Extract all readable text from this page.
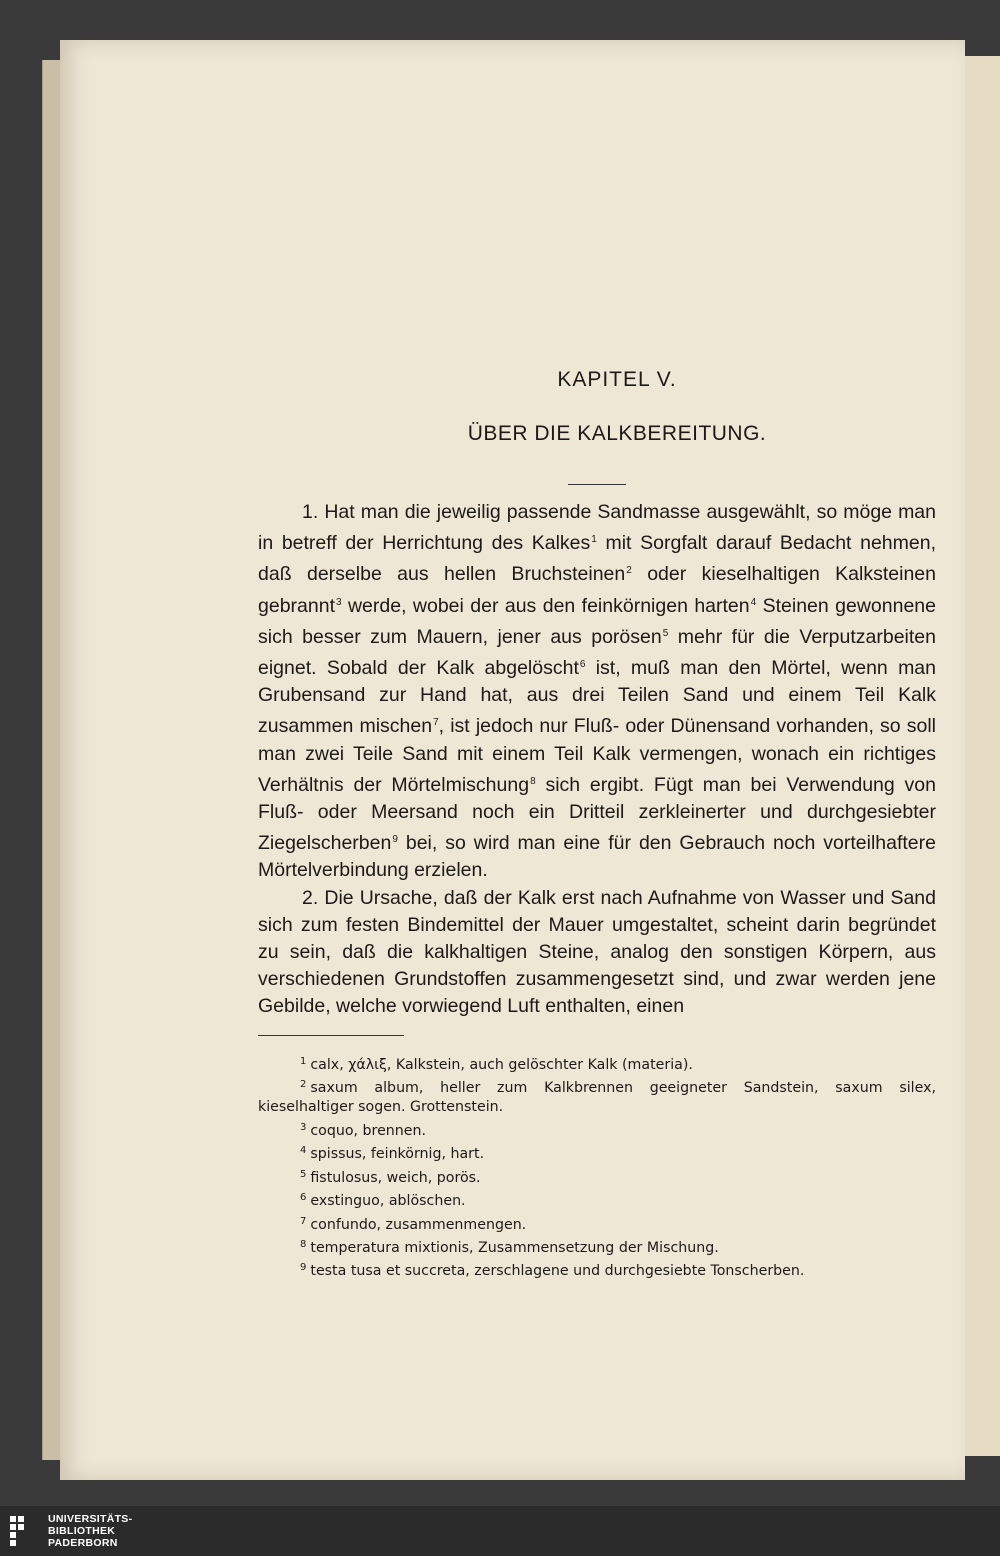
KAPITEL V.
ÜBER DIE KALKBEREITUNG.

1. Hat man die jeweilig passende Sandmasse ausgewählt, so möge man in betreff der Herrichtung des Kalkes$^1$ mit Sorgfalt darauf Bedacht nehmen, daß derselbe aus hellen Bruchsteinen$^2$ oder kieselhaltigen Kalksteinen gebrannt$^3$ werde, wobei der aus den feinkörnigen harten$^4$ Steinen gewonnene sich besser zum Mauern, jener aus porösen$^5$ mehr für die Verputzarbeiten eignet. Sobald der Kalk abgelöscht$^6$ ist, muß man den Mörtel, wenn man Grubensand zur Hand hat, aus drei Teilen Sand und einem Teil Kalk zusammen mischen$^7$, ist jedoch nur Fluß- oder Dünensand vorhanden, so soll man zwei Teile Sand mit einem Teil Kalk vermengen, wonach ein richtiges Verhältnis der Mörtelmischung$^8$ sich ergibt. Fügt man bei Verwendung von Fluß- oder Meersand noch ein Dritteil zerkleinerter und durchgesiebter Ziegelscherben$^9$ bei, so wird man eine für den Gebrauch noch vorteilhaftere Mörtelverbindung erzielen.

2. Die Ursache, daß der Kalk erst nach Aufnahme von Wasser und Sand sich zum festen Bindemittel der Mauer umgestaltet, scheint darin begründet zu sein, daß die kalkhaltigen Steine, analog den sonstigen Körpern, aus verschiedenen Grundstoffen zusammengesetzt sind, und zwar werden jene Gebilde, welche vorwiegend Luft enthalten, einen

$^1$ calx, χάλιξ, Kalkstein, auch gelöschter Kalk (materia).
$^2$ saxum album, heller zum Kalkbrennen geeigneter Sandstein, saxum silex, kieselhaltiger sogen. Grottenstein.
$^3$ coquo, brennen.
$^4$ spissus, feinkörnig, hart.
$^5$ fistulosus, weich, porös.
$^6$ exstinguo, ablöschen.
$^7$ confundo, zusammenmengen.
$^8$ temperatura mixtionis, Zusammensetzung der Mischung.
$^9$ testa tusa et succreta, zerschlagene und durchgesiebte Tonscherben.
UNIVERSITÄTS-
BIBLIOTHEK
PADERBORN
